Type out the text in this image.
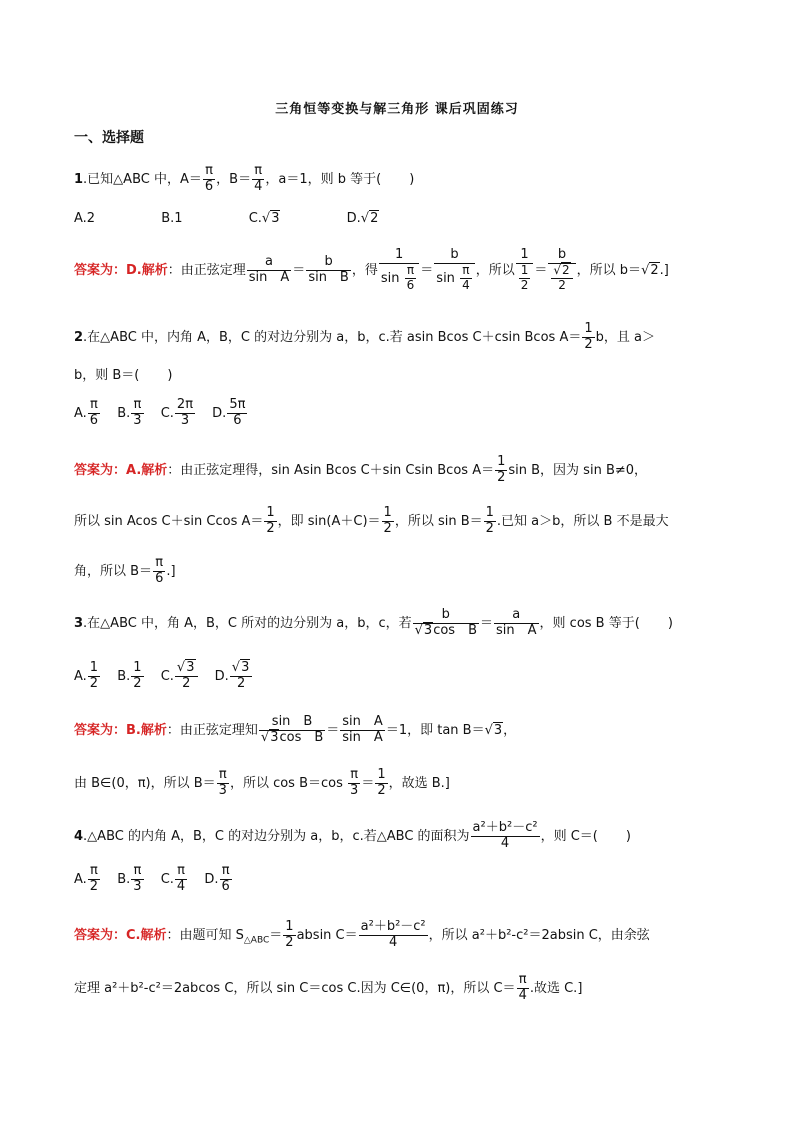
三角恒等变换与解三角形 课后巩固练习
一、选择题
1.已知△ABC 中，$A= \frac{\pi}{6}$ ，$B= \frac{\pi}{4}$ ，a＝1，则 b 等于( )
A.2	B.1	C.√3	D.√2
答案为：D.解析：由正弦定理 $\frac{a}{\text{sin　A}} = \frac{b}{\text{sin　B}}$ ，得 $\frac{1}{\sin \frac{\pi}{6}} = \frac{b}{\sin \frac{\pi}{4}}$ ，所以 $\frac{1}{\frac{1}{2}} = \frac{b}{\frac{√2}{2}}$ ，所以 b＝√2.]
2.在△ABC 中，内角 A，B，C 的对边分别为 a，b，c.若 asin Bcos C＋csin Bcos $A= \frac{1}{2}$ b，且 a＞
b，则 B＝( )
A. $\frac{\pi}{6} B$. $\frac{\pi}{3} C$. $\frac{2\pi}{3} D$. $\frac{5\pi}{6}$
答案为：A.解析：由正弦定理得，sin Asin Bcos C＋sin Csin Bcos $A= \frac{1}{2}$ sin B，因为 sin B≠0，
所以 sin Acos C＋sin Ccos $A= \frac{1}{2}$ ，即 $\sin(A+C)= \frac{1}{2}$ ，所以 $\sin B= \frac{1}{2}$ .已知 a＞b，所以 B 不是最大
角，所以 $B= \frac{\pi}{6}$ .]
3.在△ABC 中，角 A，B，C 所对的边分别为 a，b，c，若 $\frac{b}{\text{√3cos　B}} = \frac{a}{\text{sin　A}}$ ，则 cos B 等于( )
A. $\frac{1}{2} B$. $\frac{1}{2} C$. $\frac{√3}{2} D$. $\frac{√3}{2}$
答案为：B.解析：由正弦定理知 $\frac{\text{sin　B}}{\text{√3cos　B}} = \frac{\text{sin　A}}{\text{sin　A}} =1$，即 tan B＝√3，
由 B∈(0，π)，所以 $B= \frac{\pi}{3}$ ，所以 $\cos B=\cos \frac{\pi}{3} = \frac{1}{2}$ ，故选 B.]
4.△ABC 的内角 A，B，C 的对边分别为 a，b，c.若△ABC 的面积为 $\frac{\text{a²＋b²－c²}}{4}$ ，则 C＝( )
A. $\frac{\pi}{2} B$. $\frac{\pi}{3} C$. $\frac{\pi}{4} D$. $\frac{\pi}{6}$
答案为：C.解析：由题可知 $S_{\triangle ABC}= \frac{1}{2}$ absin $C= \frac{\text{a²＋b²－c²}}{4}$ ，所以 a²＋b²-c²＝2absin C，由余弦
定理 a²＋b²-c²＝2abcos C，所以 sin C＝cos C.因为 C∈(0，π)，所以 $C= \frac{\pi}{4}$ .故选 C.]
